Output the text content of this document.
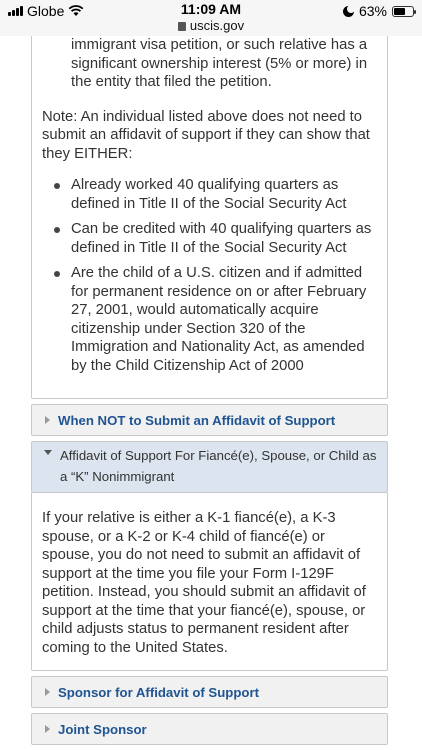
Globe	11:09 AM
uscis.gov
63%
immigrant visa petition, or such relative has a significant ownership interest (5% or more) in the entity that filed the petition.

Note: An individual listed above does not need to submit an affidavit of support if they can show that they EITHER:

Already worked 40 qualifying quarters as defined in Title II of the Social Security Act
Can be credited with 40 qualifying quarters as defined in Title II of the Social Security Act
Are the child of a U.S. citizen and if admitted for permanent residence on or after February 27, 2001, would automatically acquire citizenship under Section 320 of the Immigration and Nationality Act, as amended by the Child Citizenship Act of 2000
When NOT to Submit an Affidavit of Support
Affidavit of Support For Fiancé(e), Spouse, or Child as a “K” Nonimmigrant

If your relative is either a K-1 fiancé(e), a K-3 spouse, or a K-2 or K-4 child of fiancé(e) or spouse, you do not need to submit an affidavit of support at the time you file your Form I-129F petition. Instead, you should submit an affidavit of support at the time that your fiancé(e), spouse, or child adjusts status to permanent resident after coming to the United States.

Sponsor for Affidavit of Support
Joint Sponsor
